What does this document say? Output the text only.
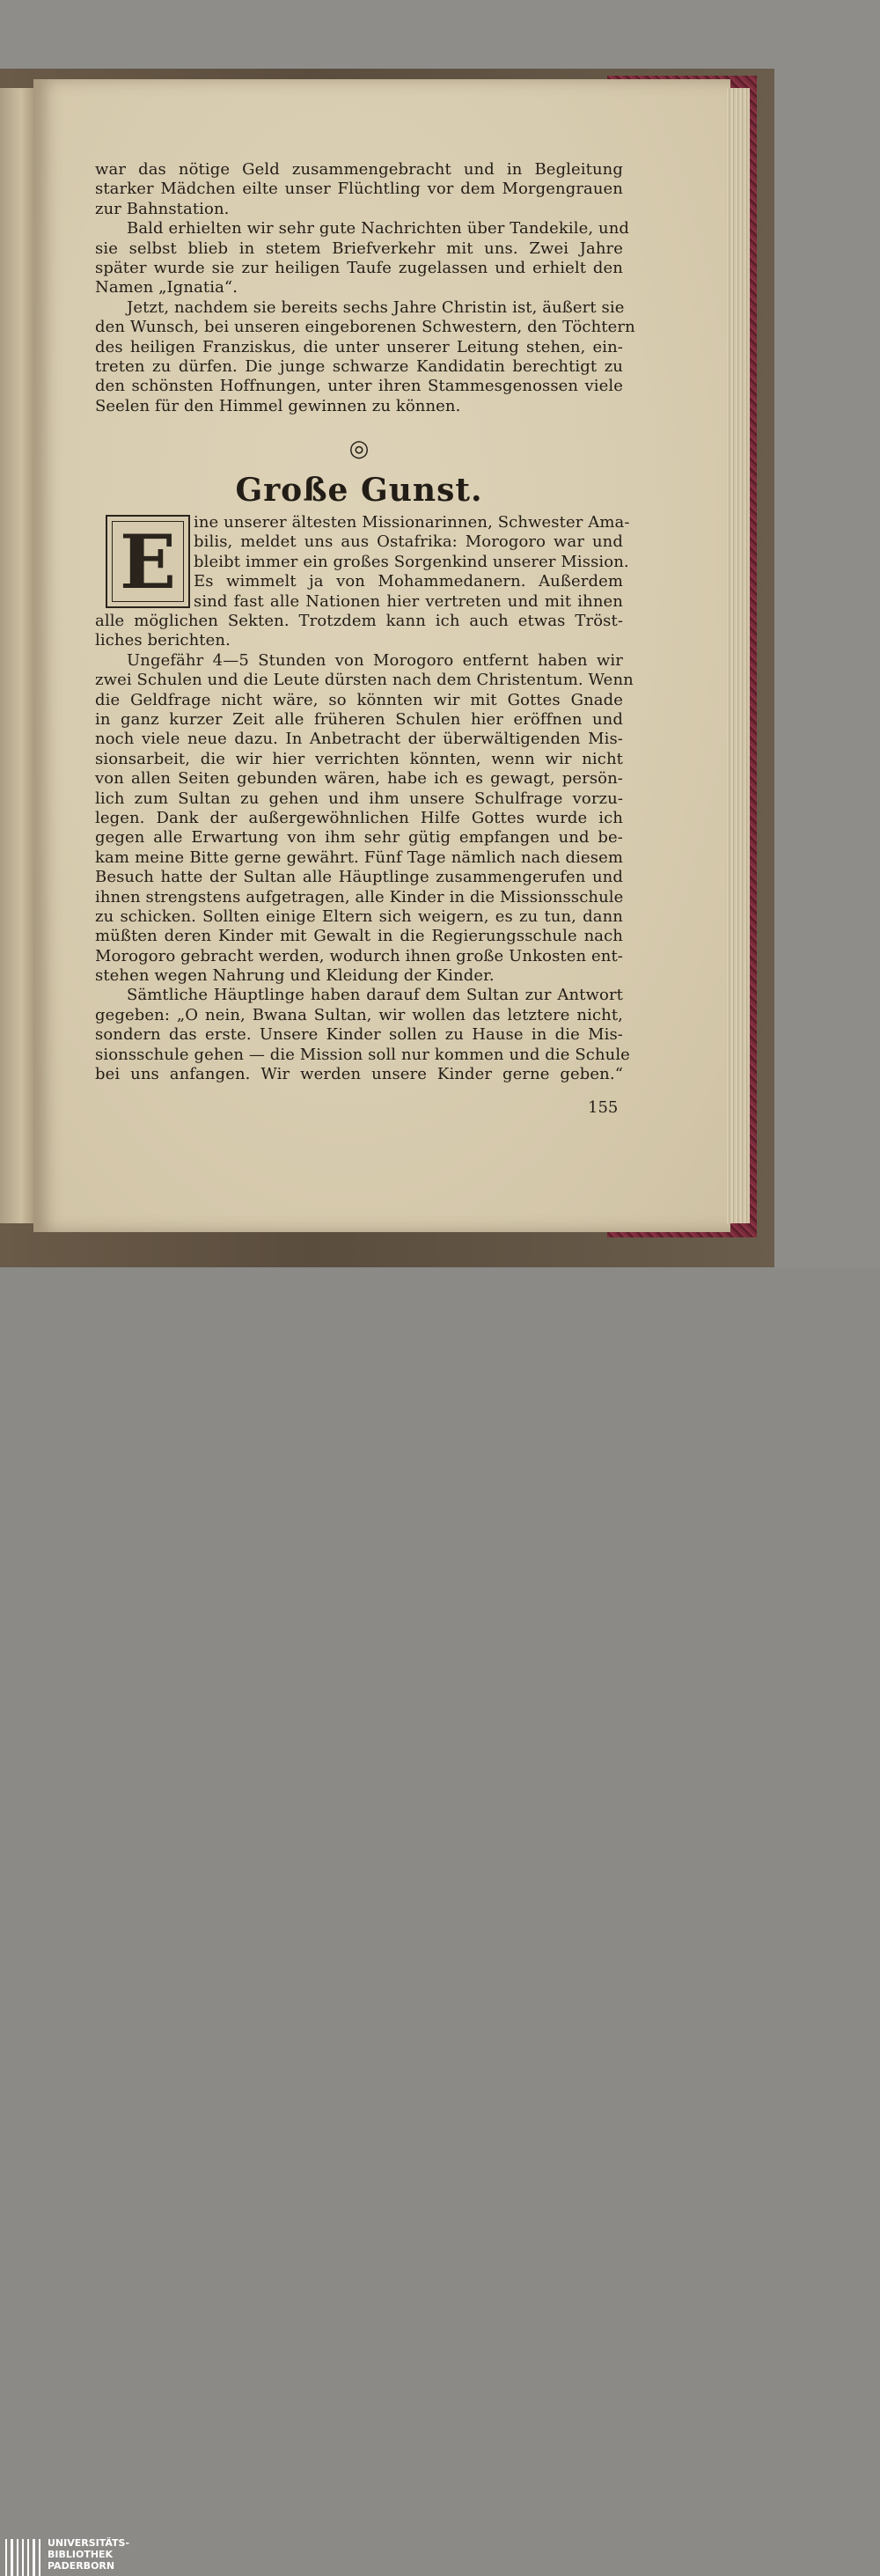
war das nötige Geld zusammengebracht und in Begleitung
starker Mädchen eilte unser Flüchtling vor dem Morgengrauen
zur Bahnstation.
Bald erhielten wir sehr gute Nachrichten über Tandekile, und
sie selbst blieb in stetem Briefverkehr mit uns. Zwei Jahre
später wurde sie zur heiligen Taufe zugelassen und erhielt den
Namen „Ignatia“.
Jetzt, nachdem sie bereits sechs Jahre Christin ist, äußert sie
den Wunsch, bei unseren eingeborenen Schwestern, den Töchtern
des heiligen Franziskus, die unter unserer Leitung stehen, ein-
treten zu dürfen. Die junge schwarze Kandidatin berechtigt zu
den schönsten Hoffnungen, unter ihren Stammesgenossen viele
Seelen für den Himmel gewinnen zu können.
◎
Große Gunst.
E	ine unserer ältesten Missionarinnen, Schwester Ama-
bilis, meldet uns aus Ostafrika: Morogoro war und
bleibt immer ein großes Sorgenkind unserer Mission.
Es wimmelt ja von Mohammedanern. Außerdem
sind fast alle Nationen hier vertreten und mit ihnen
alle möglichen Sekten. Trotzdem kann ich auch etwas Tröst-
liches berichten.
Ungefähr 4—5 Stunden von Morogoro entfernt haben wir
zwei Schulen und die Leute dürsten nach dem Christentum. Wenn
die Geldfrage nicht wäre, so könnten wir mit Gottes Gnade
in ganz kurzer Zeit alle früheren Schulen hier eröffnen und
noch viele neue dazu. In Anbetracht der überwältigenden Mis-
sionsarbeit, die wir hier verrichten könnten, wenn wir nicht
von allen Seiten gebunden wären, habe ich es gewagt, persön-
lich zum Sultan zu gehen und ihm unsere Schulfrage vorzu-
legen. Dank der außergewöhnlichen Hilfe Gottes wurde ich
gegen alle Erwartung von ihm sehr gütig empfangen und be-
kam meine Bitte gerne gewährt. Fünf Tage nämlich nach diesem
Besuch hatte der Sultan alle Häuptlinge zusammengerufen und
ihnen strengstens aufgetragen, alle Kinder in die Missionsschule
zu schicken. Sollten einige Eltern sich weigern, es zu tun, dann
müßten deren Kinder mit Gewalt in die Regierungsschule nach
Morogoro gebracht werden, wodurch ihnen große Unkosten ent-
stehen wegen Nahrung und Kleidung der Kinder.
Sämtliche Häuptlinge haben darauf dem Sultan zur Antwort
gegeben: „O nein, Bwana Sultan, wir wollen das letztere nicht,
sondern das erste. Unsere Kinder sollen zu Hause in die Mis-
sionsschule gehen — die Mission soll nur kommen und die Schule
bei uns anfangen. Wir werden unsere Kinder gerne geben.“
155
UNIVERSITÄTS-
BIBLIOTHEK
PADERBORN
